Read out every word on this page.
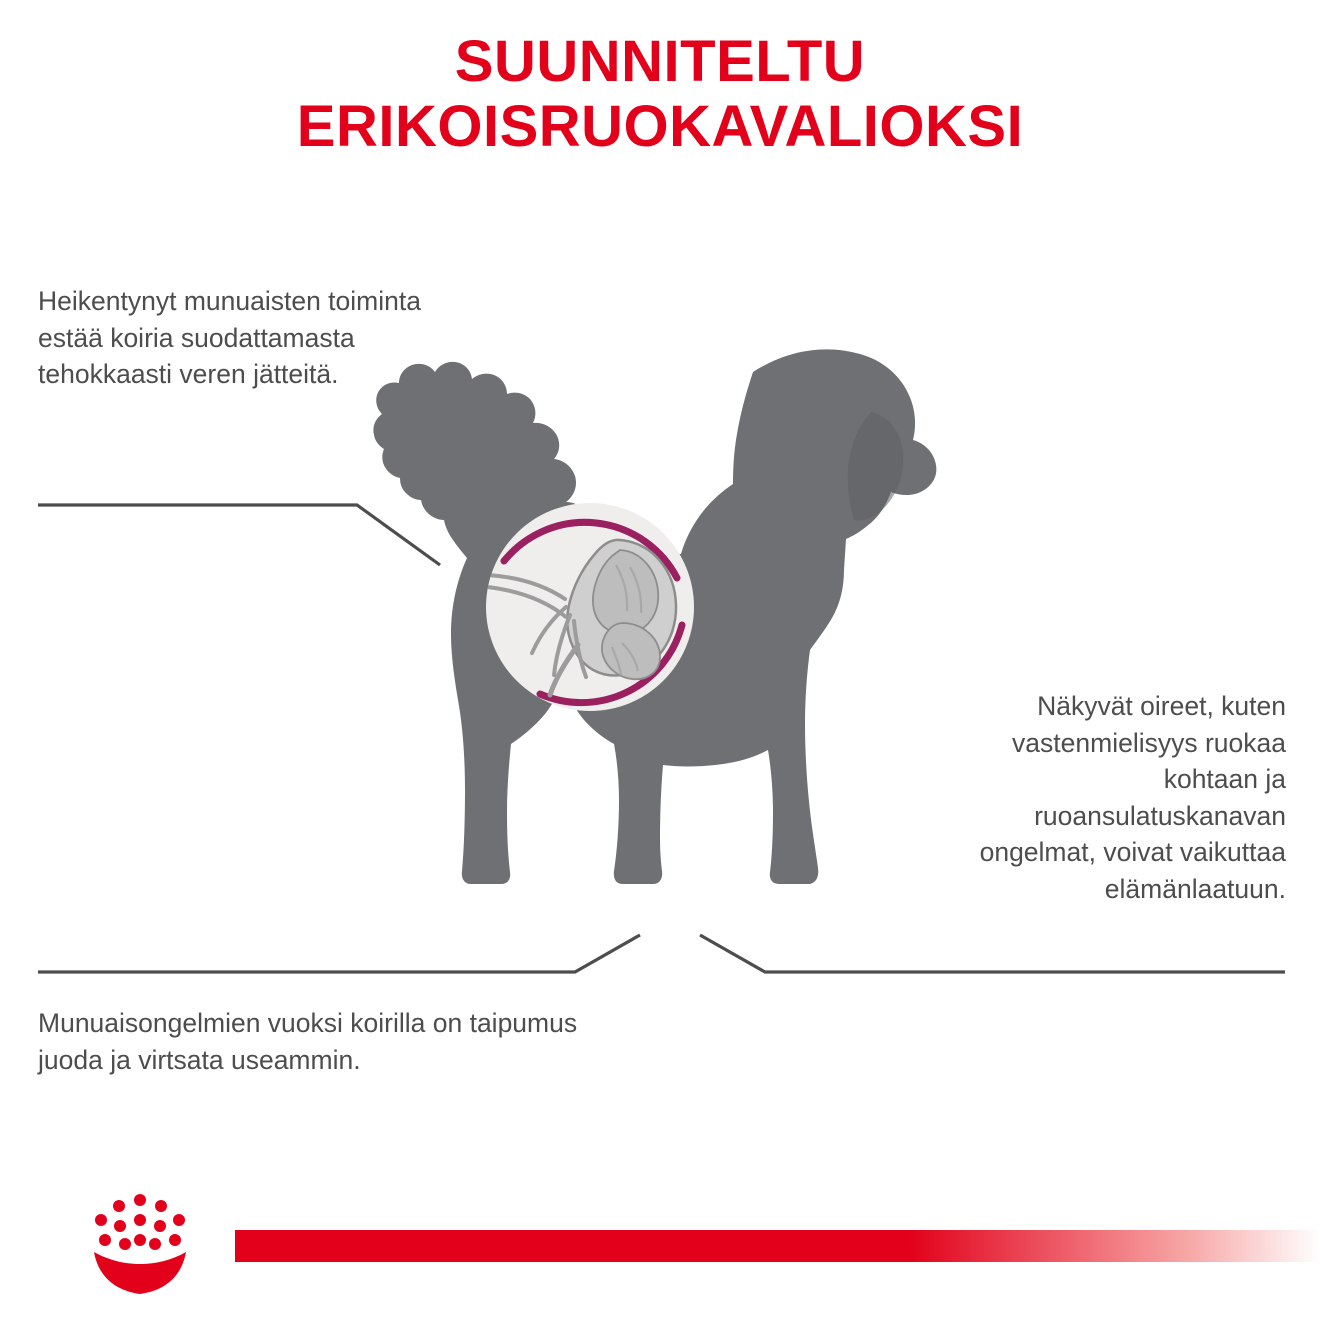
SUUNNITELTU
ERIKOISRUOKAVALIOKSI
Heikentynyt munuaisten toiminta estää koiria suodattamasta tehokkaasti veren jätteitä.
Näkyvät oireet, kuten vastenmielisyys ruokaa kohtaan ja ruoansulatuskanavan ongelmat, voivat vaikuttaa elämänlaatuun.
Munuaisongelmien vuoksi koirilla on taipumus juoda ja virtsata useammin.
